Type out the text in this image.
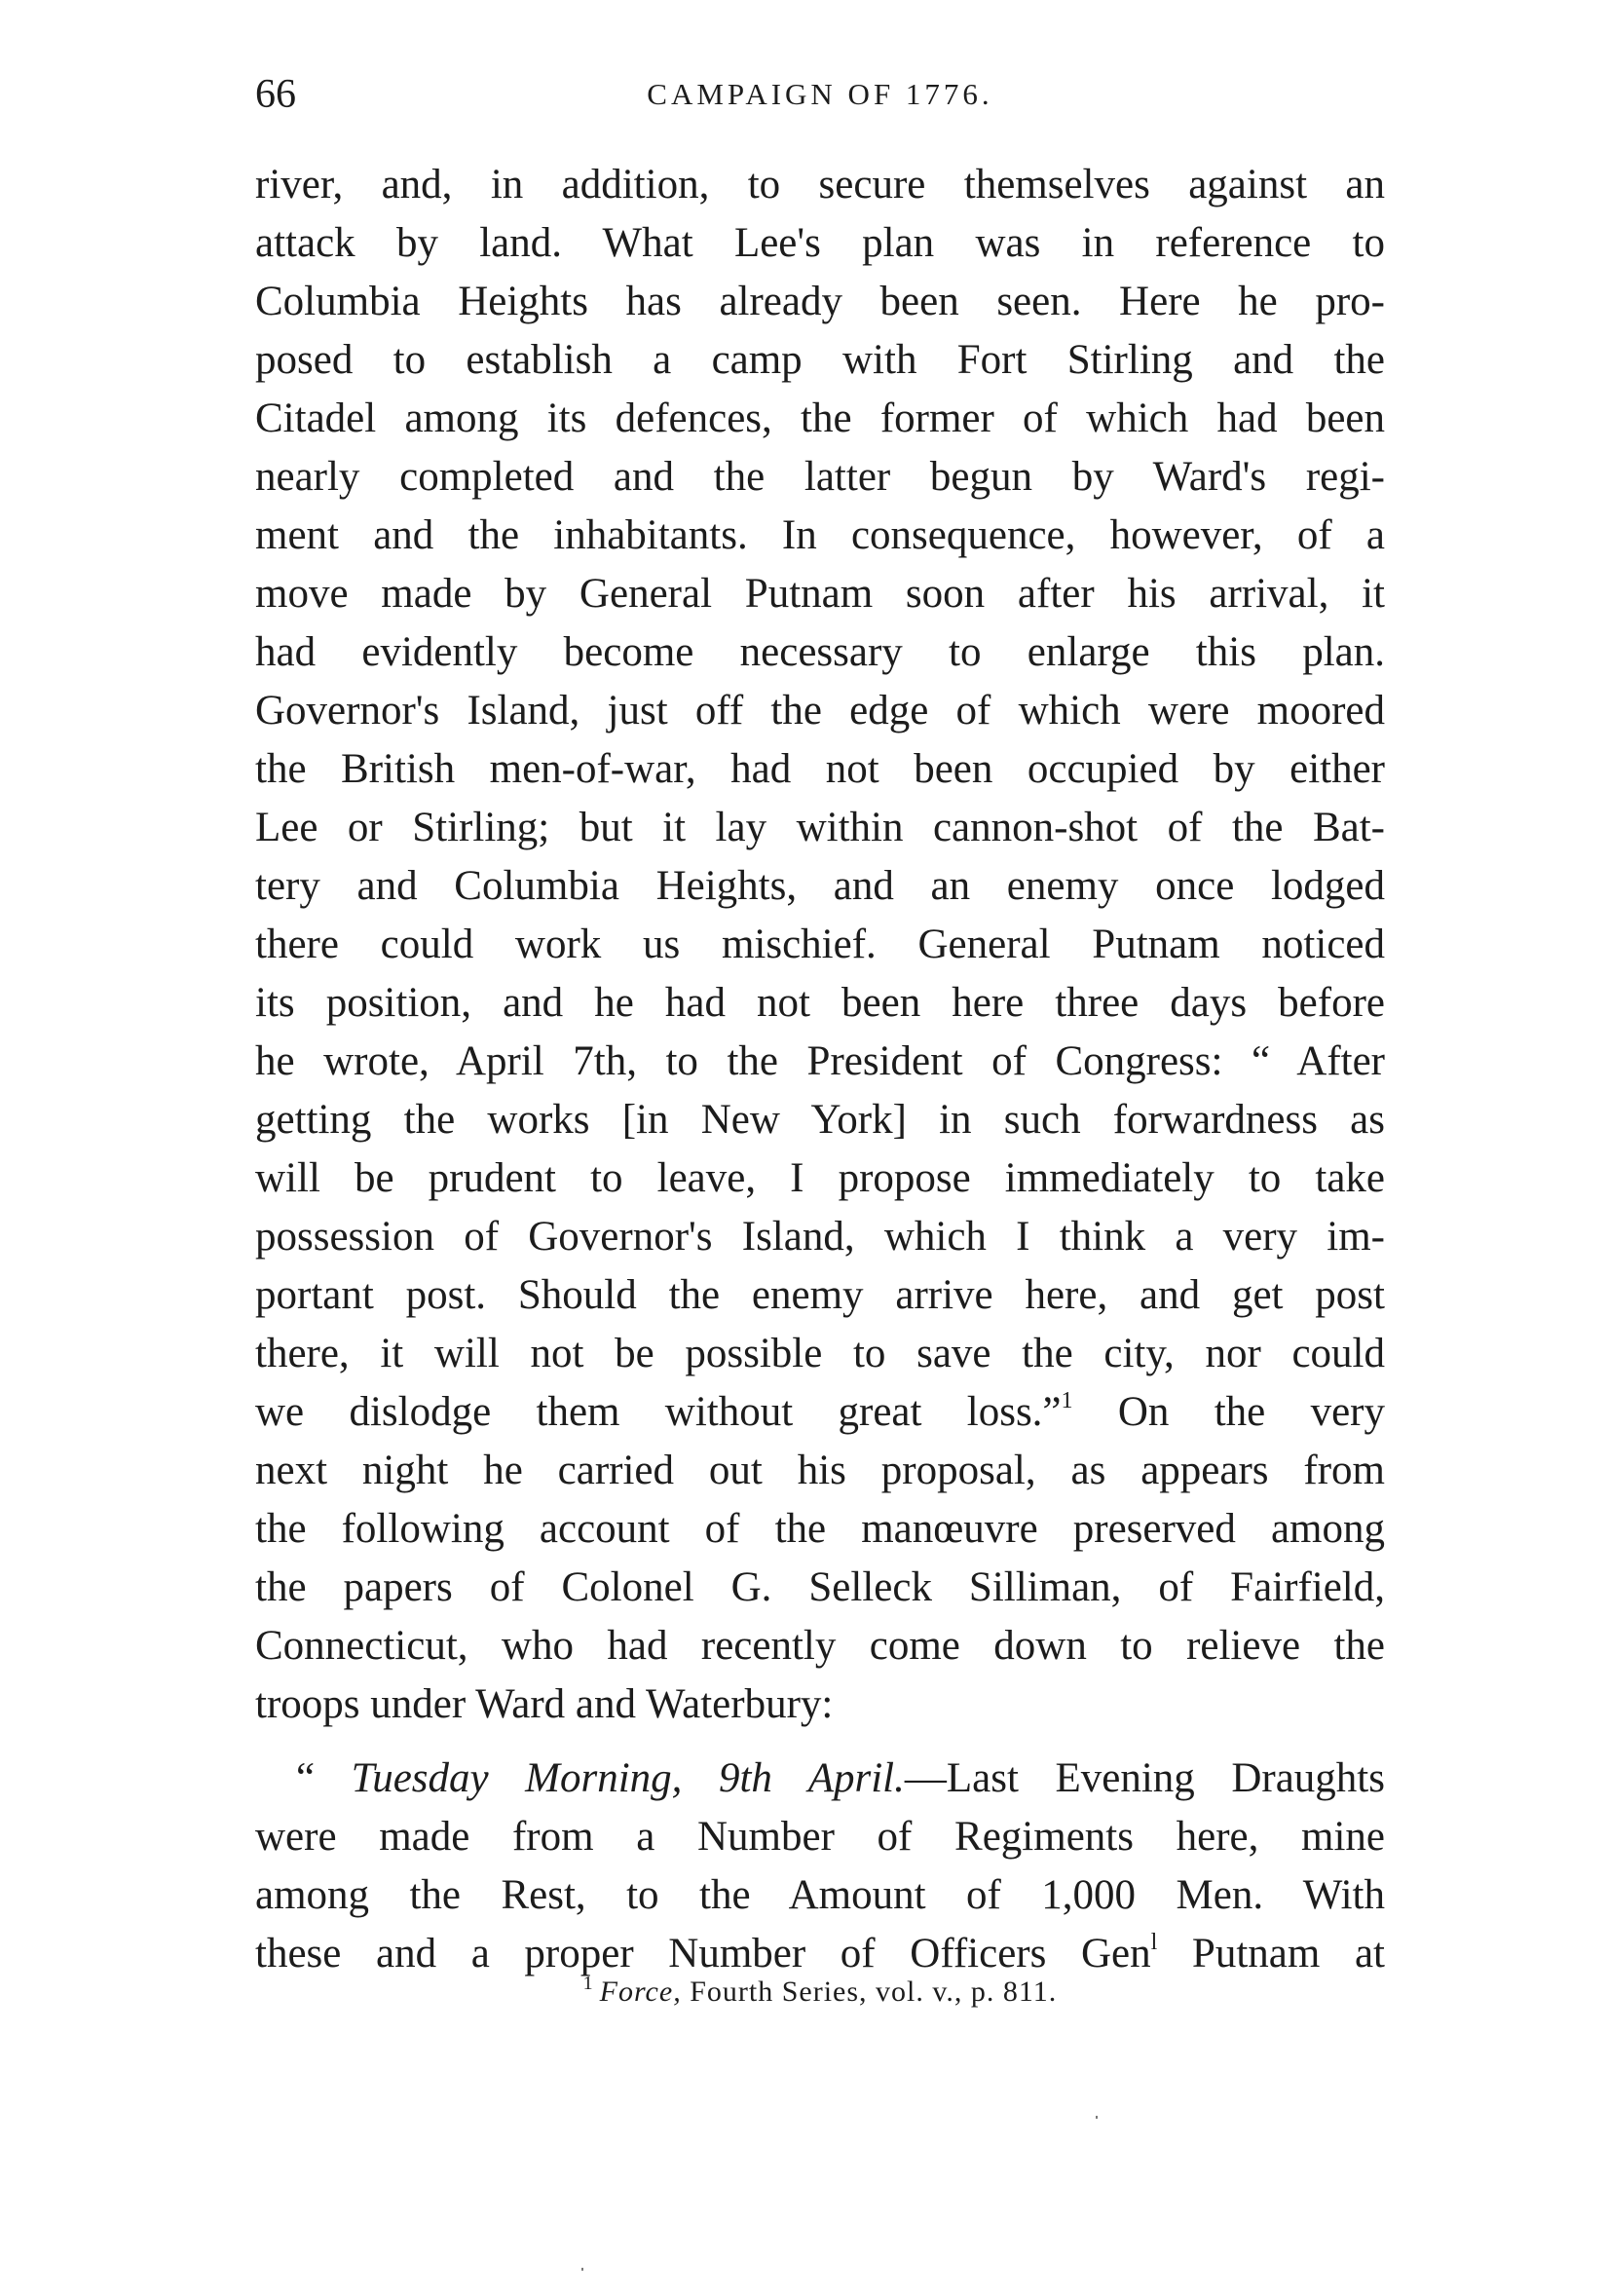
66	CAMPAIGN OF 1776.
river, and, in addition, to secure themselves against an
attack by land. What Lee's plan was in reference to
Columbia Heights has already been seen. Here he pro-
posed to establish a camp with Fort Stirling and the
Citadel among its defences, the former of which had been
nearly completed and the latter begun by Ward's regi-
ment and the inhabitants. In consequence, however, of a
move made by General Putnam soon after his arrival, it
had evidently become necessary to enlarge this plan.
Governor's Island, just off the edge of which were moored
the British men-of-war, had not been occupied by either
Lee or Stirling; but it lay within cannon-shot of the Bat-
tery and Columbia Heights, and an enemy once lodged
there could work us mischief. General Putnam noticed
its position, and he had not been here three days before
he wrote, April 7th, to the President of Congress: “ After
getting the works [in New York] in such forwardness as
will be prudent to leave, I propose immediately to take
possession of Governor's Island, which I think a very im-
portant post. Should the enemy arrive here, and get post
there, it will not be possible to save the city, nor could
we dislodge them without great loss.”$^1$ On the very
next night he carried out his proposal, as appears from
the following account of the manœuvre preserved among
the papers of Colonel G. Selleck Silliman, of Fairfield,
Connecticut, who had recently come down to relieve the
troops under Ward and Waterbury:
“ Tuesday Morning, 9th April.—Last Evening Draughts
were made from a Number of Regiments here, mine
among the Rest, to the Amount of 1,000 Men. With
these and a proper Number of Officers Gen$^l$ Putnam at
$^1$ Force, Fourth Series, vol. v., p. 811.
